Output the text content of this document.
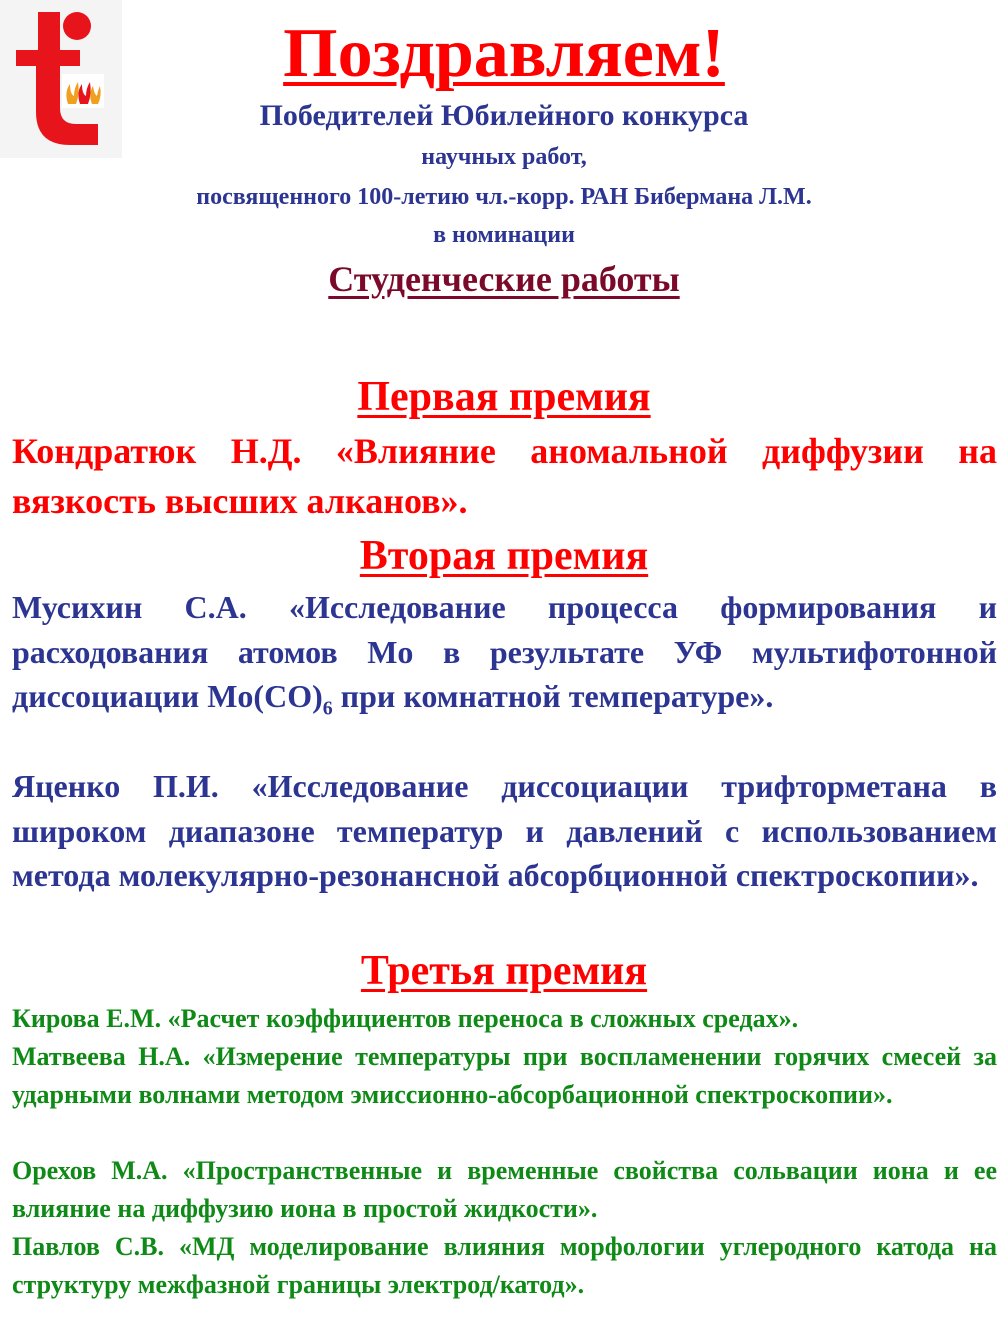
Поздравляем!
Победителей Юбилейного конкурса
научных работ,
посвященного 100-летию чл.-корр. РАН Бибермана Л.М.
в номинации
Студенческие работы
Первая премия
Кондратюк Н.Д. «Влияние аномальной диффузии на вязкость высших алканов».
Вторая премия
Мусихин С.А. «Исследование процесса формирования и расходования атомов Mo в результате УФ мультифотонной диссоциации $Mo(CO)_6$ при комнатной температуре».
Яценко П.И. «Исследование диссоциации трифторметана в широком диапазоне температур и давлений с использованием метода молекулярно-резонансной абсорбционной спектроскопии».
Третья премия
Кирова Е.М. «Расчет коэффициентов переноса в сложных средах».
Матвеева Н.А. «Измерение температуры при воспламенении горячих смесей за ударными волнами методом эмиссионно-абсорбационной спектроскопии».
Орехов М.А. «Пространственные и временные свойства сольвации иона и ее влияние на диффузию иона в простой жидкости».
Павлов С.В. «МД моделирование влияния морфологии углеродного катода на структуру межфазной границы электрод/катод».
